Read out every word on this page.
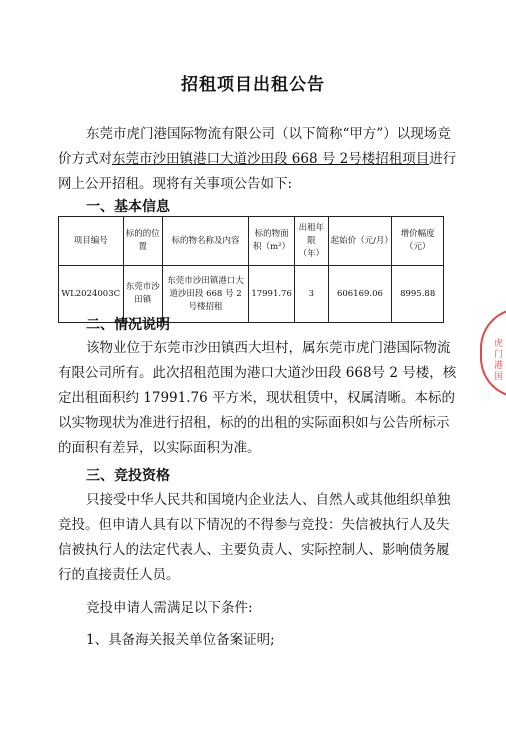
招租项目出租公告
东莞市虎门港国际物流有限公司（以下简称“甲方”）以现场竞价方式对东莞市沙田镇港口大道沙田段 668 号 2号楼招租项目进行网上公开招租。现将有关事项公告如下:
一、基本信息
项目编号	标的的位置	标的物名称及内容	标的物面积（m²）	出租年限（年）	起始价（元/月）	增价幅度（元）
WL2024003C	东莞市沙田镇	东莞市沙田镇港口大道沙田段 668 号 2 号楼招租	17991.76	3	606169.06	8995.88
二、情况说明
该物业位于东莞市沙田镇西大坦村，属东莞市虎门港国际物流有限公司所有。此次招租范围为港口大道沙田段 668号 2 号楼，核定出租面积约 17991.76 平方米，现状租赁中，权属清晰。本标的以实物现状为准进行招租，标的的出租的实际面积如与公告所标示的面积有差异，以实际面积为准。
三、竞投资格
只接受中华人民共和国境内企业法人、自然人或其他组织单独竞投。但申请人具有以下情况的不得参与竞投：失信被执行人及失信被执行人的法定代表人、主要负责人、实际控制人、影响债务履行的直接责任人员。
竞投申请人需满足以下条件:
1、具备海关报关单位备案证明;
虎门港国
